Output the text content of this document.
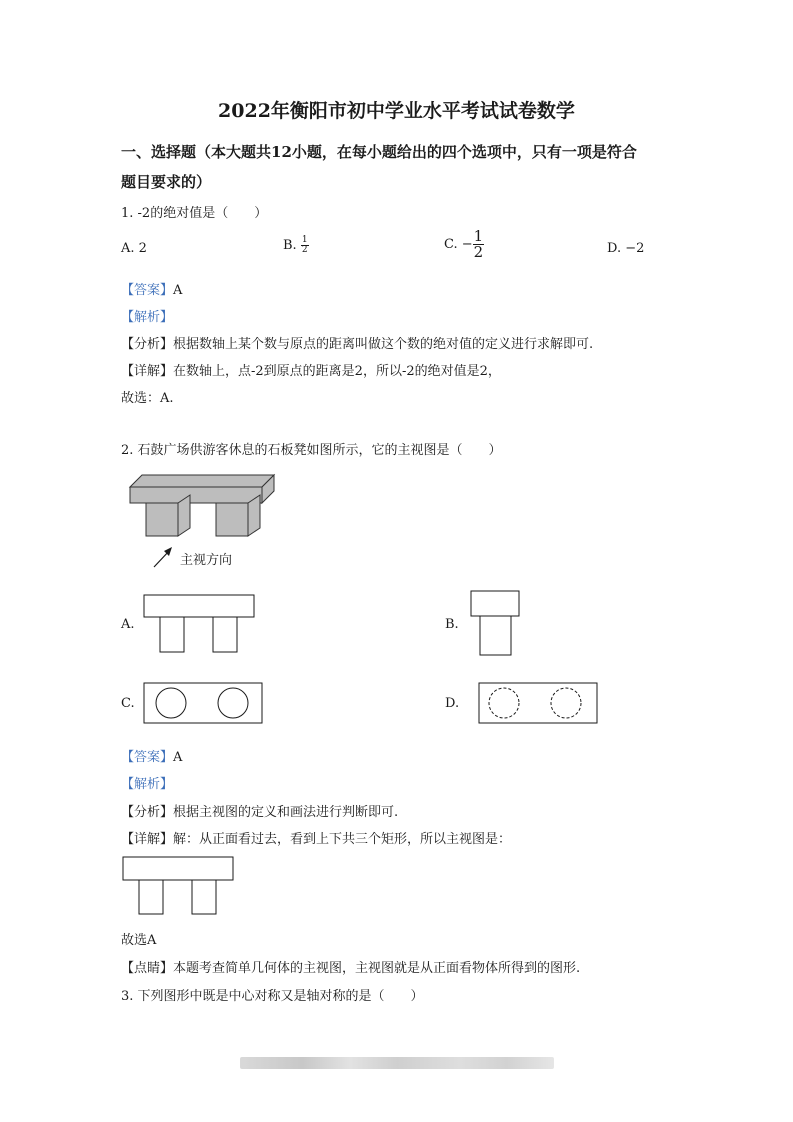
2022年衡阳市初中学业水平考试试卷数学
一、选择题（本大题共12小题，在每小题给出的四个选项中，只有一项是符合
题目要求的）
1. -2的绝对值是（　　）
A. 2	B. $\frac{1}{2}$	C. − $\frac{1}{2}$	D. −2
【答案】A
【解析】
【分析】根据数轴上某个数与原点的距离叫做这个数的绝对值的定义进行求解即可.
【详解】在数轴上，点-2到原点的距离是2，所以-2的绝对值是2，
故选：A.
2. 石鼓广场供游客休息的石板凳如图所示，它的主视图是（　　）
主视方向
A.	B.
C.	D.
【答案】A
【解析】
【分析】根据主视图的定义和画法进行判断即可.
【详解】解：从正面看过去，看到上下共三个矩形，所以主视图是：
故选A
【点睛】本题考查简单几何体的主视图，主视图就是从正面看物体所得到的图形.
3. 下列图形中既是中心对称又是轴对称的是（　　）
